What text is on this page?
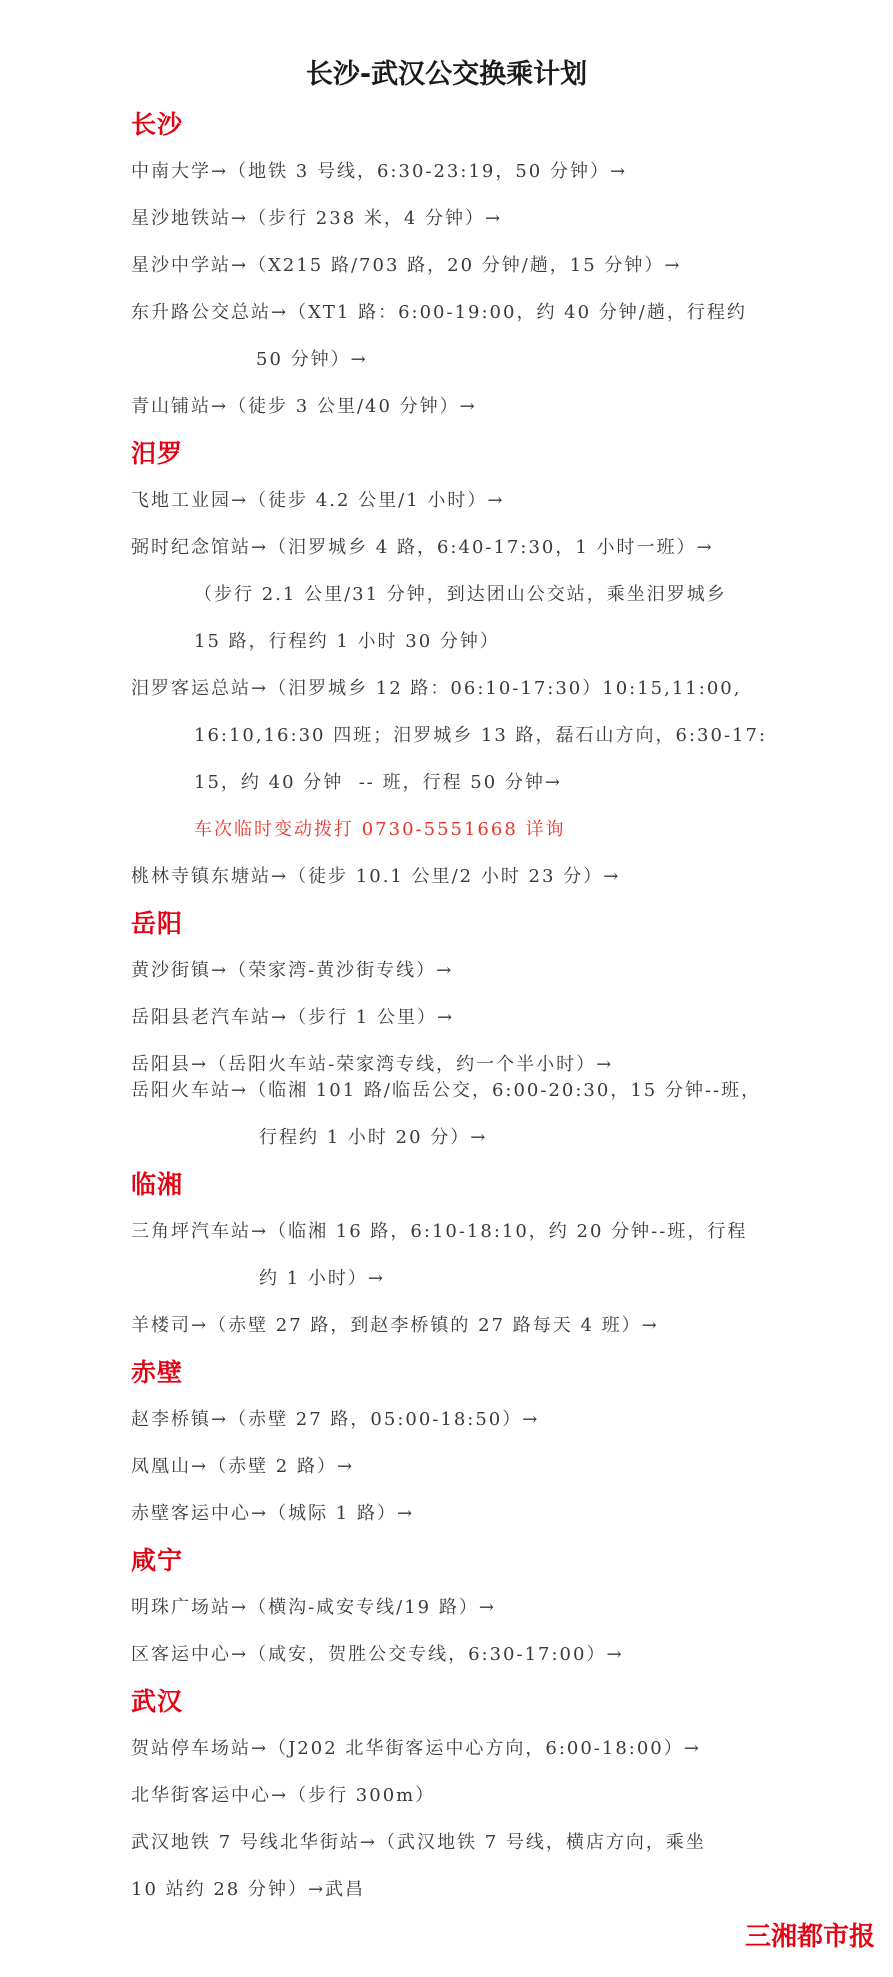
长沙-武汉公交换乘计划
长沙
中南大学→（地铁 3 号线，6:30-23:19，50 分钟）→
星沙地铁站→（步行 238 米，4 分钟）→
星沙中学站→（X215 路/703 路，20 分钟/趟，15 分钟）→
东升路公交总站→（XT1 路：6:00-19:00，约 40 分钟/趟，行程约
50 分钟）→
青山铺站→（徒步 3 公里/40 分钟）→
汨罗
飞地工业园→（徒步 4.2 公里/1 小时）→
弼时纪念馆站→（汨罗城乡 4 路，6:40-17:30，1 小时一班）→
（步行 2.1 公里/31 分钟，到达团山公交站，乘坐汨罗城乡
15 路，行程约 1 小时 30 分钟）
汨罗客运总站→（汨罗城乡 12 路：06:10-17:30）10:15,11:00,
16:10,16:30 四班；汨罗城乡 13 路，磊石山方向，6:30-17:
15，约 40 分钟  -- 班，行程 50 分钟→
车次临时变动拨打 0730-5551668 详询
桃林寺镇东塘站→（徒步 10.1 公里/2 小时 23 分）→
岳阳
黄沙街镇→（荣家湾-黄沙街专线）→
岳阳县老汽车站→（步行 1 公里）→
岳阳县→（岳阳火车站-荣家湾专线，约一个半小时）→
岳阳火车站→（临湘 101 路/临岳公交，6:00-20:30，15 分钟--班，
行程约 1 小时 20 分）→
临湘
三角坪汽车站→（临湘 16 路，6:10-18:10，约 20 分钟--班，行程
约 1 小时）→
羊楼司→（赤壁 27 路，到赵李桥镇的 27 路每天 4 班）→
赤壁
赵李桥镇→（赤壁 27 路，05:00-18:50）→
凤凰山→（赤壁 2 路）→
赤壁客运中心→（城际 1 路）→
咸宁
明珠广场站→（横沟-咸安专线/19 路）→
区客运中心→（咸安，贺胜公交专线，6:30-17:00）→
武汉
贺站停车场站→（J202 北华街客运中心方向，6:00-18:00）→
北华街客运中心→（步行 300m）
武汉地铁 7 号线北华街站→（武汉地铁 7 号线，横店方向，乘坐
10 站约 28 分钟）→武昌
三湘都市报
